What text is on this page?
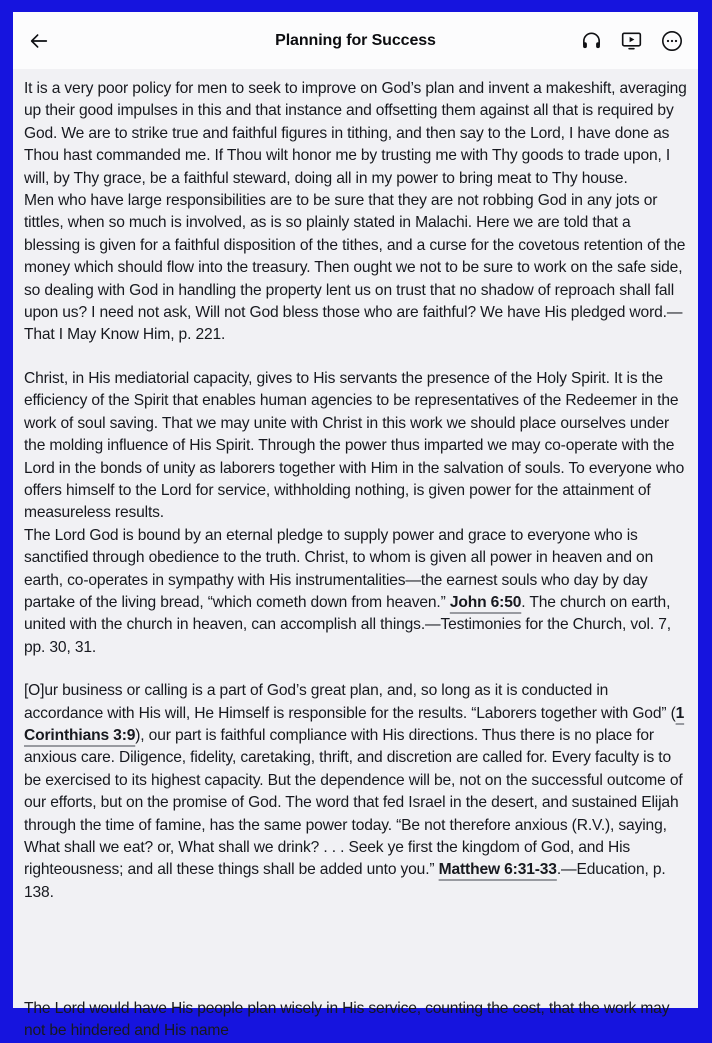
Planning for Success

It is a very poor policy for men to seek to improve on God’s plan and invent a makeshift, averaging up their good impulses in this and that instance and offsetting them against all that is required by God. We are to strike true and faithful figures in tithing, and then say to the Lord, I have done as Thou hast commanded me. If Thou wilt honor me by trusting me with Thy goods to trade upon, I will, by Thy grace, be a faithful steward, doing all in my power to bring meat to Thy house.

Men who have large responsibilities are to be sure that they are not robbing God in any jots or tittles, when so much is involved, as is so plainly stated in Malachi. Here we are told that a blessing is given for a faithful disposition of the tithes, and a curse for the covetous retention of the money which should flow into the treasury. Then ought we not to be sure to work on the safe side, so dealing with God in handling the property lent us on trust that no shadow of reproach shall fall upon us? I need not ask, Will not God bless those who are faithful? We have His pledged word.—That I May Know Him, p. 221.

Christ, in His mediatorial capacity, gives to His servants the presence of the Holy Spirit. It is the efficiency of the Spirit that enables human agencies to be representatives of the Redeemer in the work of soul saving. That we may unite with Christ in this work we should place ourselves under the molding influence of His Spirit. Through the power thus imparted we may co-operate with the Lord in the bonds of unity as laborers together with Him in the salvation of souls. To everyone who offers himself to the Lord for service, withholding nothing, is given power for the attainment of measureless results.

The Lord God is bound by an eternal pledge to supply power and grace to everyone who is sanctified through obedience to the truth. Christ, to whom is given all power in heaven and on earth, co-operates in sympathy with His instrumentalities—the earnest souls who day by day partake of the living bread, “which cometh down from heaven.” John 6:50. The church on earth, united with the church in heaven, can accomplish all things.—Testimonies for the Church, vol. 7, pp. 30, 31.

[O]ur business or calling is a part of God’s great plan, and, so long as it is conducted in accordance with His will, He Himself is responsible for the results. “Laborers together with God” (1 Corinthians 3:9), our part is faithful compliance with His directions. Thus there is no place for anxious care. Diligence, fidelity, caretaking, thrift, and discretion are called for. Every faculty is to be exercised to its highest capacity. But the dependence will be, not on the successful outcome of our efforts, but on the promise of God. The word that fed Israel in the desert, and sustained Elijah through the time of famine, has the same power today. “Be not therefore anxious (R.V.), saying, What shall we eat? or, What shall we drink? . . . Seek ye first the kingdom of God, and His righteousness; and all these things shall be added unto you.” Matthew 6:31-33.—Education, p. 138.

The Lord would have His people plan wisely in His service, counting the cost, that the work may not be hindered and His name
